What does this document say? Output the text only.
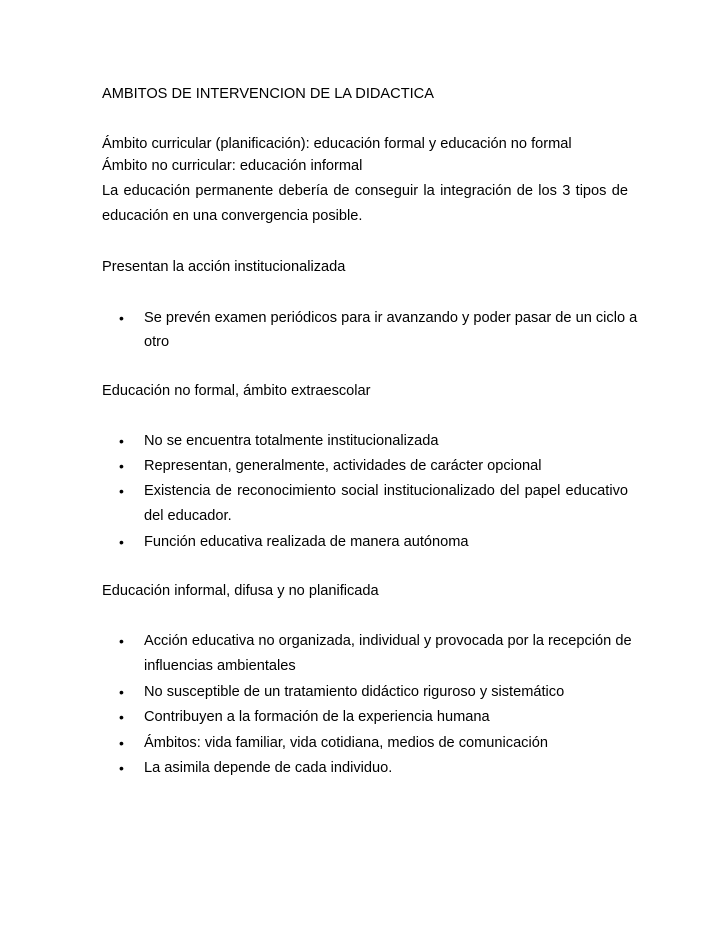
AMBITOS DE INTERVENCION DE LA DIDACTICA
Ámbito curricular (planificación): educación formal y educación no formal
Ámbito no curricular: educación informal
La educación permanente debería de conseguir la integración de los 3 tipos de
educación en una convergencia posible.
Presentan la acción institucionalizada
• Se prevén examen periódicos para ir avanzando y poder pasar de un ciclo a
otro
Educación no formal, ámbito extraescolar
• No se encuentra totalmente institucionalizada
• Representan, generalmente, actividades de carácter opcional
• Existencia de reconocimiento social institucionalizado del papel educativo
del educador.
• Función educativa realizada de manera autónoma
Educación informal, difusa y no planificada
• Acción educativa no organizada, individual y provocada por la recepción de
influencias ambientales
• No susceptible de un tratamiento didáctico riguroso y sistemático
• Contribuyen a la formación de la experiencia humana
• Ámbitos: vida familiar, vida cotidiana, medios de comunicación
• La asimila depende de cada individuo.
